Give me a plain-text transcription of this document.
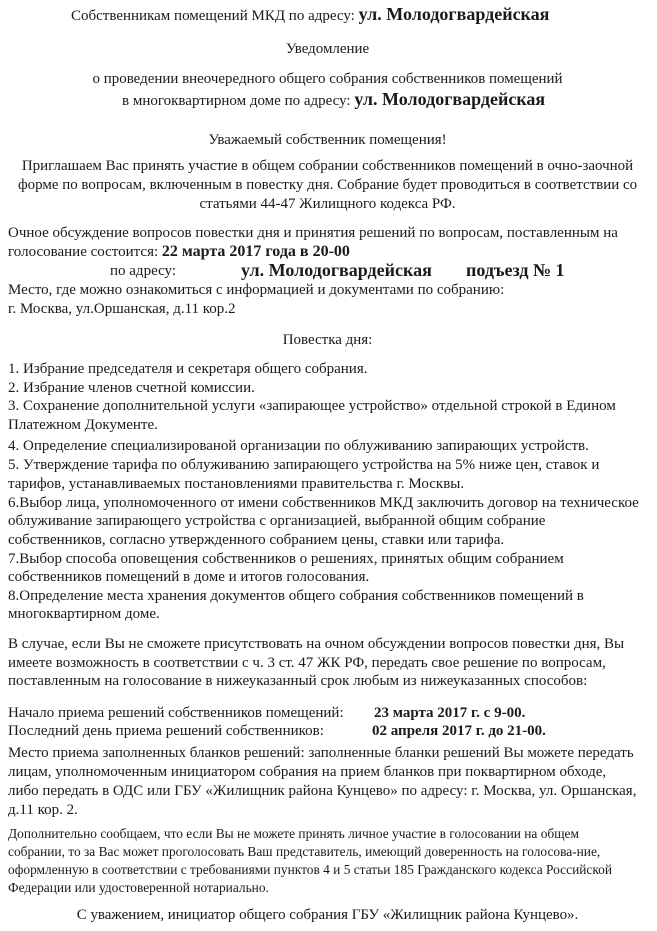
Собственникам помещений МКД по адресу: ул. Молодогвардейская
Уведомление
о проведении внеочередного общего собрания собственников помещений
в многоквартирном доме по адресу: ул. Молодогвардейская
Уважаемый собственник помещения!
Приглашаем Вас принять участие в общем собрании собственников помещений в очно-заочной
форме по вопросам, включенным в повестку дня. Собрание будет проводиться в соответствии со
статьями 44-47 Жилищного кодекса РФ.
Очное обсуждение вопросов повестки дня и принятия решений по вопросам, поставленным на
голосование состоится: 22 марта 2017 года в 20-00
по адресу:	ул. Молодогвардейская подъезд № 1
Место, где можно ознакомиться с информацией и документами по собранию:
г. Москва, ул.Оршанская, д.11 кор.2
Повестка дня:
1. Избрание председателя и секретаря общего собрания.
2. Избрание членов счетной комиссии.
3. Сохранение дополнительной услуги «запирающее устройство» отдельной строкой в Едином
Платежном Документе.
4. Определение специализированой организации по облуживанию запирающих устройств.
5. Утверждение тарифа по облуживанию запирающего устройства на 5% ниже цен, ставок и
тарифов, устанавливаемых постановлениями правительства г. Москвы.
6.Выбор лица, уполномоченного от имени собственников МКД заключить договор на техническое
облуживание запирающего устройства с организацией, выбранной общим собрание
собственников, согласно утвержденного собранием цены, ставки или тарифа.
7.Выбор способа оповещения собственников о решениях, принятых общим собранием
собственников помещений в доме и итогов голосования.
8.Определение места хранения документов общего собрания собственников помещений в
многоквартирном доме.
В случае, если Вы не сможете присутствовать на очном обсуждении вопросов повестки дня, Вы
имеете возможность в соответствии с ч. 3 ст. 47 ЖК РФ, передать свое решение по вопросам,
поставленным на голосование в нижеуказанный срок любым из нижеуказанных способов:
Начало приема решений собственников помещений: 23 марта 2017 г. с 9-00.
Последний день приема решений собственников:	02 апреля 2017 г. до 21-00.
Место приема заполненных бланков решений: заполненные бланки решений Вы можете передать
лицам, уполномоченным инициатором собрания на прием бланков при поквартирном обходе,
либо передать в ОДС или ГБУ «Жилищник района Кунцево» по адресу: г. Москва, ул. Оршанская,
д.11 кор. 2.
Дополнительно сообщаем, что если Вы не можете принять личное участие в голосовании на общем
собрании, то за Вас может проголосовать Ваш представитель, имеющий доверенность на голосова-ние,
оформленную в соответствии с требованиями пунктов 4 и 5 статьи 185 Гражданского кодекса Российской
Федерации или удостоверенной нотариально.
С уважением, инициатор общего собрания ГБУ «Жилищник района Кунцево».
